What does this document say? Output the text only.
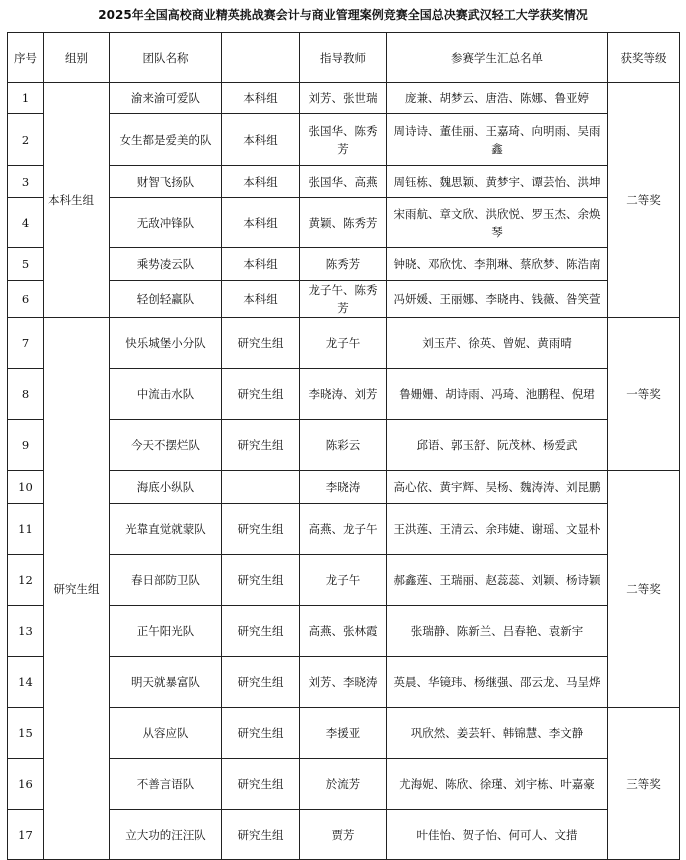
2025年全国高校商业精英挑战赛会计与商业管理案例竞赛全国总决赛武汉轻工大学获奖情况
序号	组别	团队名称		指导教师	参赛学生汇总名单	获奖等级
1	本科生组	渝来渝可爱队	本科组	刘芳、张世瑞	庞兼、胡梦云、唐浩、陈娜、鲁亚婷	二等奖
2		女生都是爱美的队	本科组	张国华、陈秀芳	周诗诗、董佳丽、王嘉琦、向明雨、吴雨鑫	
3		财智飞扬队	本科组	张国华、高燕	周钰栋、魏思颖、黄梦宇、谭芸怡、洪坤	
4		无敌冲锋队	本科组	黄颖、陈秀芳	宋雨航、章文欣、洪欣悦、罗玉杰、余焕琴	
5		乘势凌云队	本科组	陈秀芳	钟晓、邓欣忱、李荆琳、蔡欣梦、陈浩南	
6		轻创轻赢队	本科组	龙子午、陈秀芳	冯妍媛、王丽娜、李晓冉、钱薇、昝笑萱	
7	研究生组	快乐城堡小分队	研究生组	龙子午	刘玉芹、徐英、曾妮、黄雨晴	一等奖
8		中流击水队	研究生组	李晓涛、刘芳	鲁姗姗、胡诗雨、冯琦、池鹏程、倪珺	
9		今天不摆烂队	研究生组	陈彩云	邱语、郭玉舒、阮茂林、杨爱武	
10		海底小纵队		李晓涛	高心依、黄宇辉、吴杨、魏涛涛、刘昆鹏	二等奖
11		光靠直觉就蒙队	研究生组	高燕、龙子午	王洪莲、王清云、余玮婕、谢瑶、文显朴	
12		春日部防卫队	研究生组	龙子午	郝鑫莲、王瑞丽、赵蕊蕊、刘颖、杨诗颖	
13		正午阳光队	研究生组	高燕、张林霞	张瑞静、陈新兰、吕春艳、袁新宇	
14		明天就暴富队	研究生组	刘芳、李晓涛	英晨、华镜玮、杨继强、邵云龙、马呈烨	
15		从容应队	研究生组	李援亚	巩欣然、姜芸轩、韩锦慧、李文静	三等奖
16		不善言语队	研究生组	於流芳	尤海妮、陈欣、徐瑾、刘宇栋、叶嘉豪	
17		立大功的汪汪队	研究生组	贾芳	叶佳怡、贺子怡、何可人、文措	
